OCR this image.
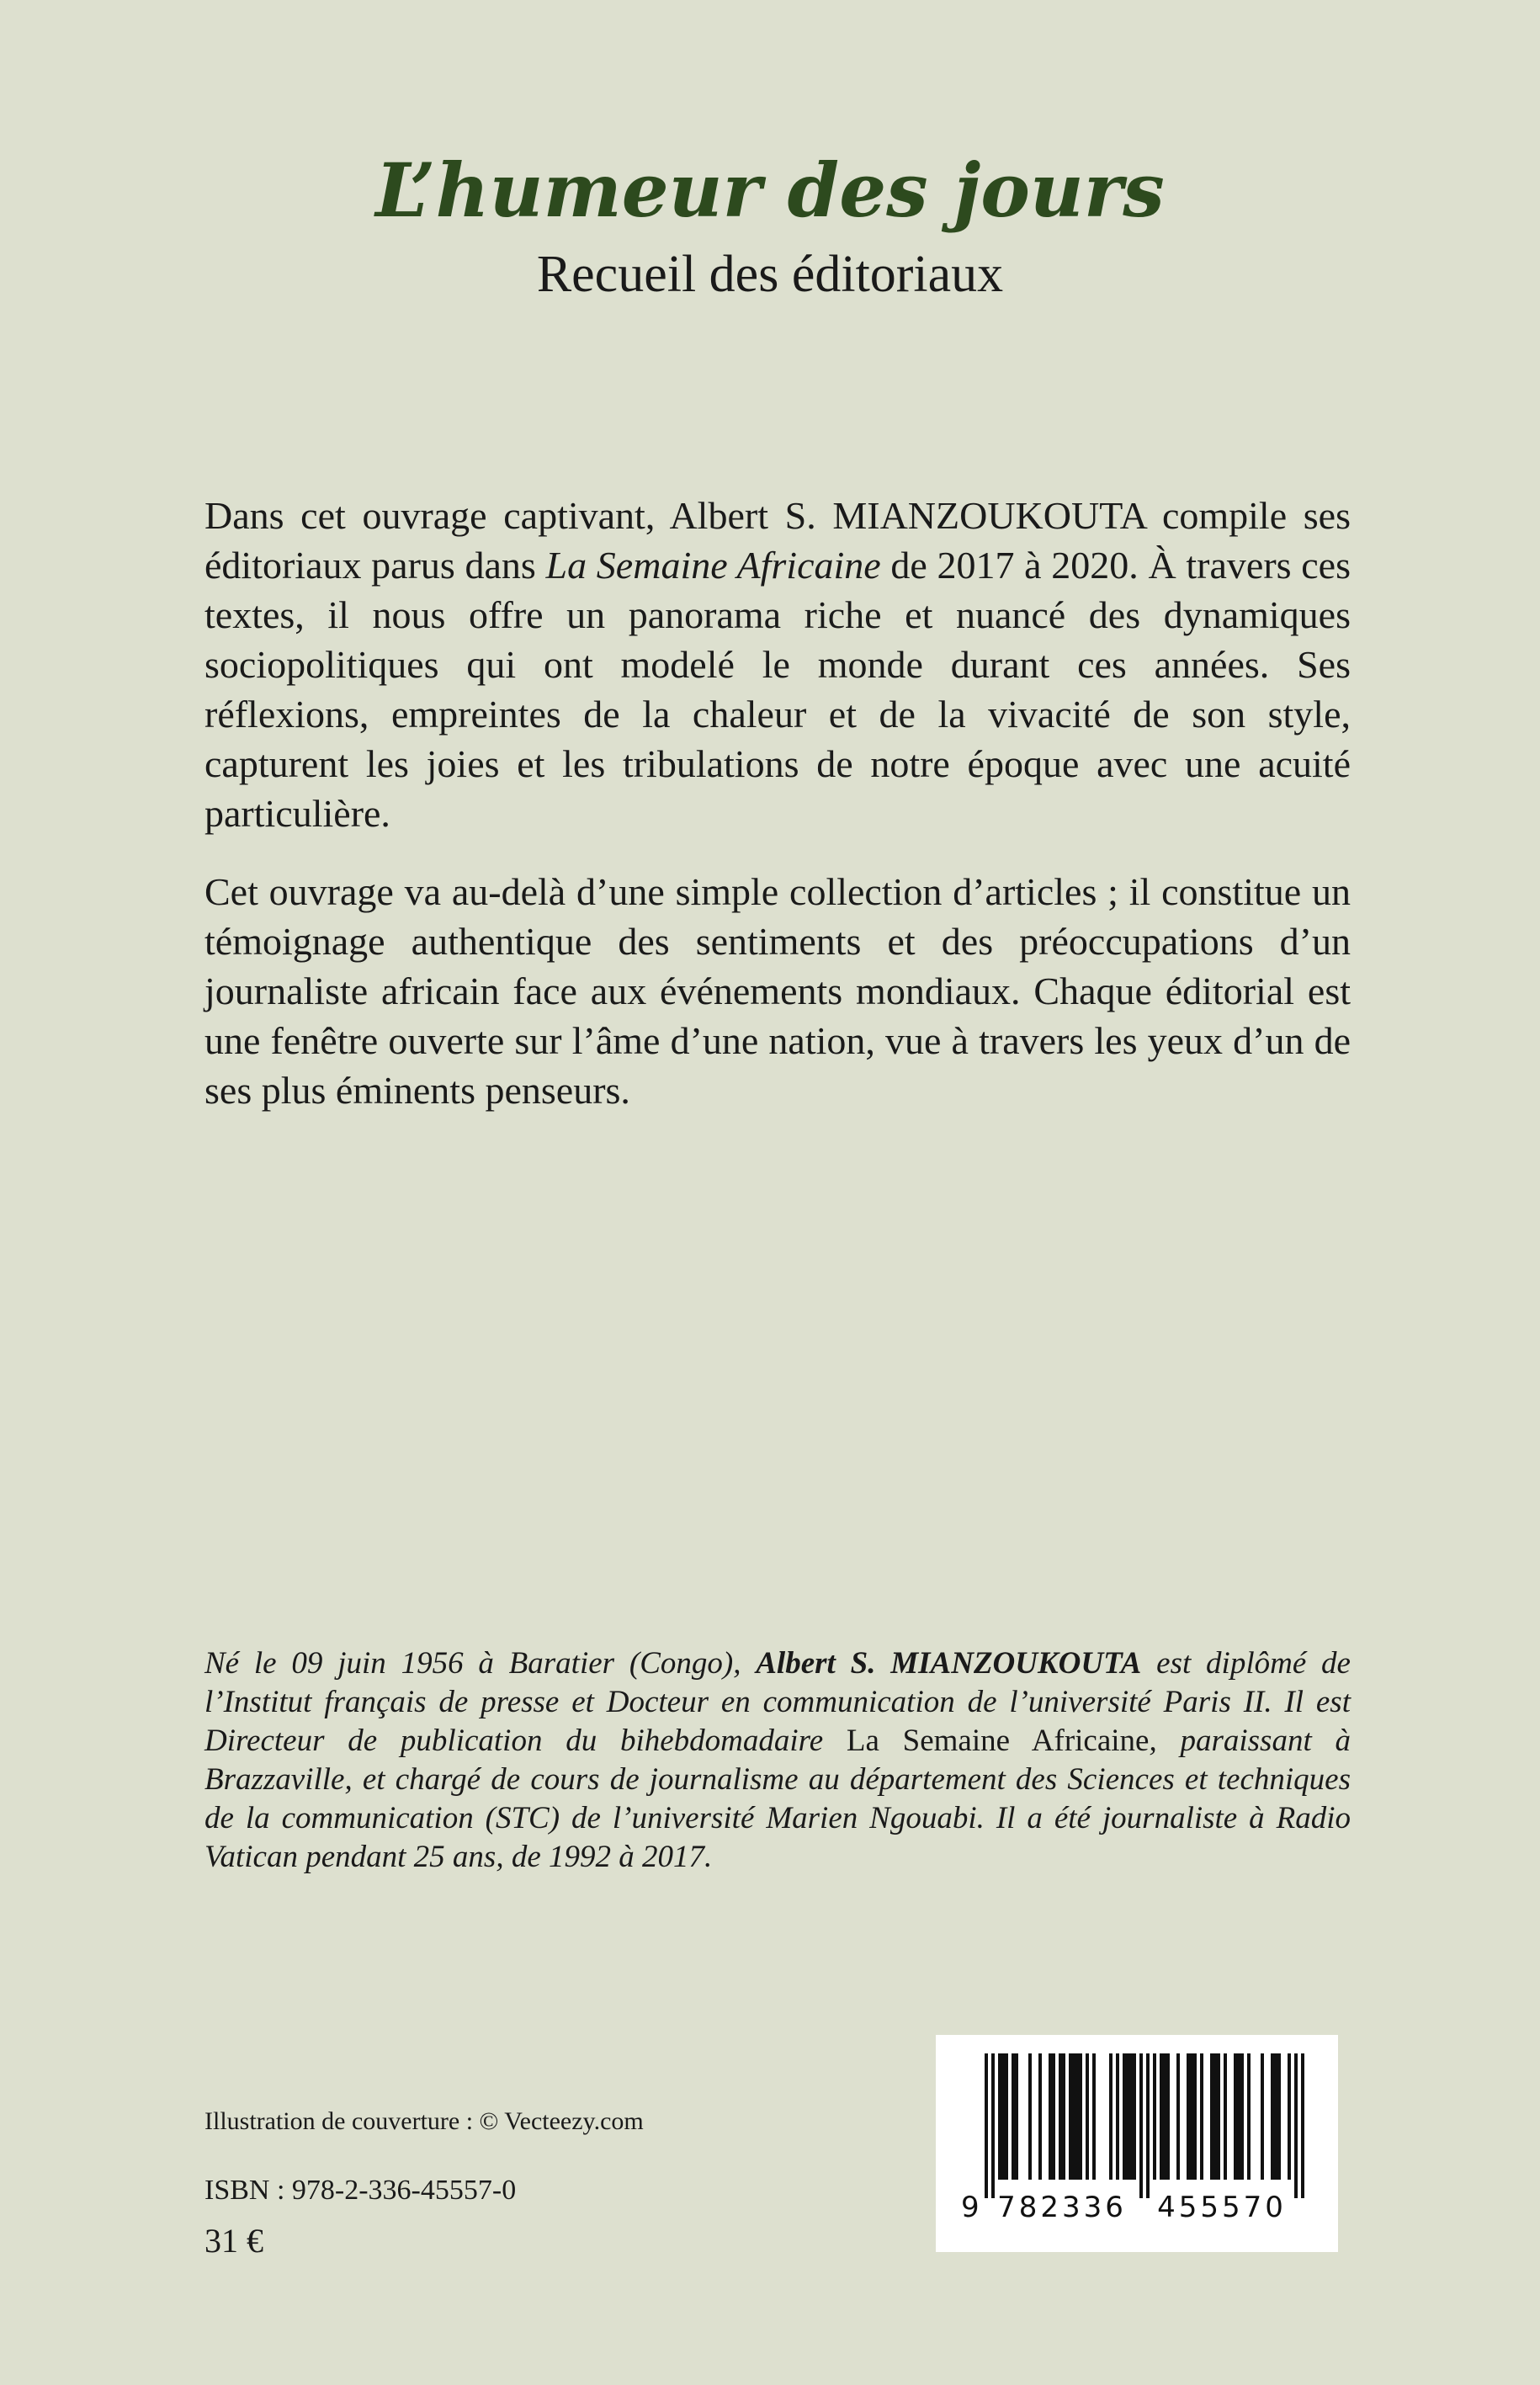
L’humeur des jours

Recueil des éditoriaux

Dans cet ouvrage captivant, Albert S. MIANZOUKOUTA compile ses éditoriaux parus dans La Semaine Africaine de 2017 à 2020. À travers ces textes, il nous offre un panorama riche et nuancé des dynamiques sociopolitiques qui ont modelé le monde durant ces années. Ses réflexions, empreintes de la chaleur et de la vivacité de son style, capturent les joies et les tribulations de notre époque avec une acuité particulière.

Cet ouvrage va au-delà d’une simple collection d’articles ; il constitue un témoignage authentique des sentiments et des préoccupations d’un journaliste africain face aux événements mondiaux. Chaque éditorial est une fenêtre ouverte sur l’âme d’une nation, vue à travers les yeux d’un de ses plus éminents penseurs.

Né le 09 juin 1956 à Baratier (Congo), Albert S. MIANZOUKOUTA est diplômé de l’Institut français de presse et Docteur en communication de l’université Paris II. Il est Directeur de publication du bihebdomadaire La Semaine Africaine, paraissant à Brazzaville, et chargé de cours de journalisme au département des Sciences et techniques de la communication (STC) de l’université Marien Ngouabi. Il a été journaliste à Radio Vatican pendant 25 ans, de 1992 à 2017.

Illustration de couverture : © Vecteezy.com
ISBN : 978-2-336-45557-0
31 €
9 782336 455570
